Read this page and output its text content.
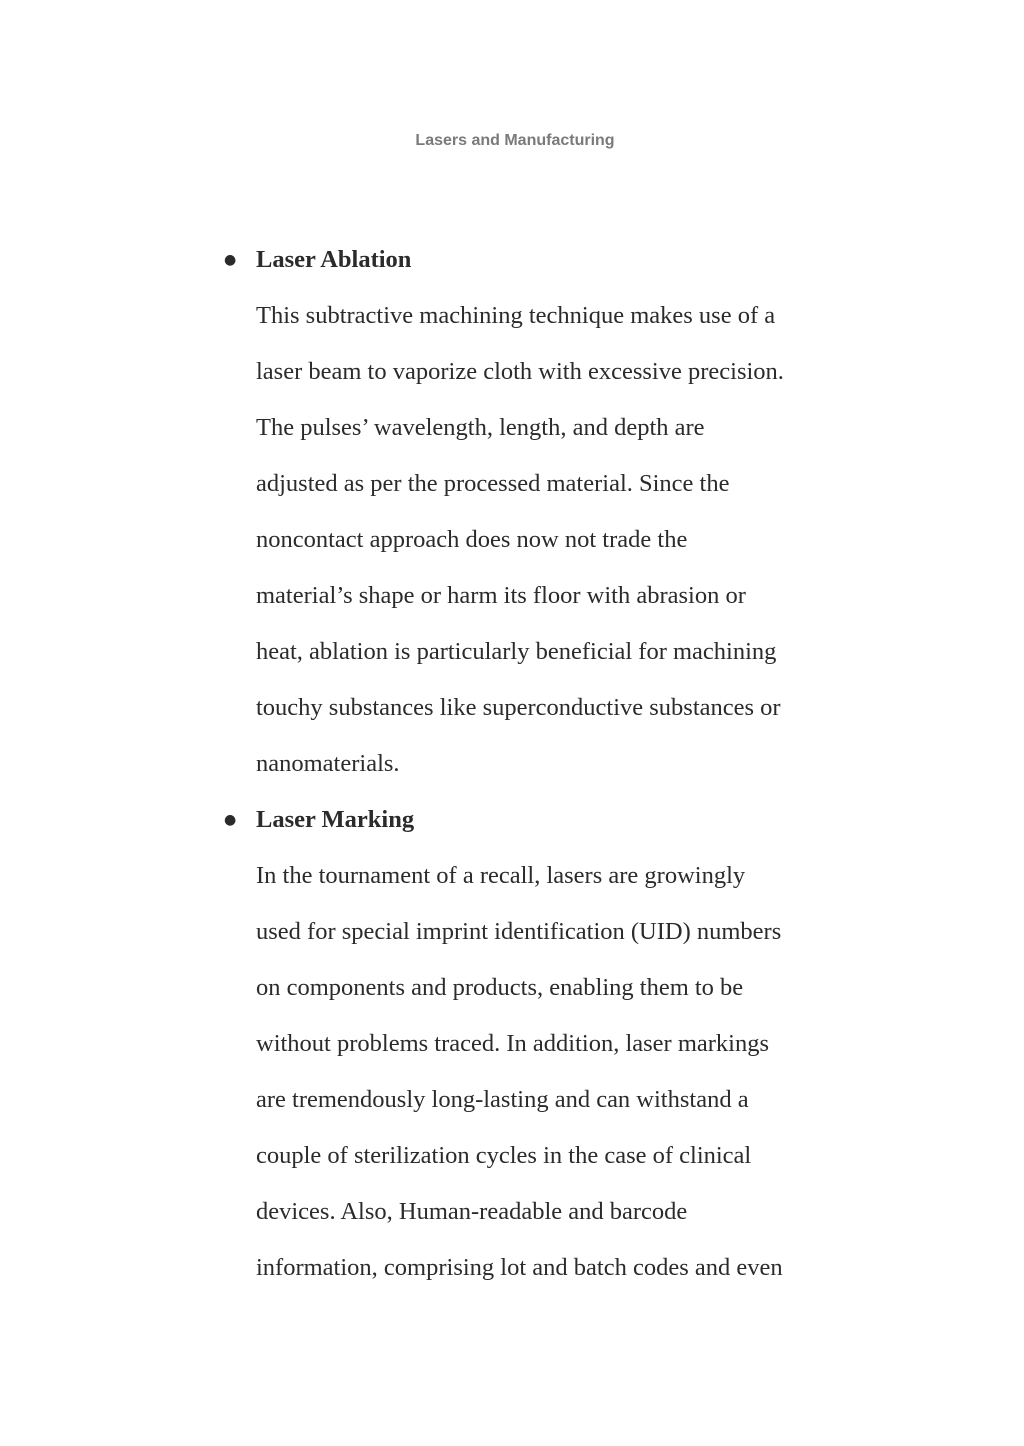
Lasers and Manufacturing
● Laser Ablation
This subtractive machining technique makes use of a
laser beam to vaporize cloth with excessive precision.
The pulses’ wavelength, length, and depth are
adjusted as per the processed material. Since the
noncontact approach does now not trade the
material’s shape or harm its floor with abrasion or
heat, ablation is particularly beneficial for machining
touchy substances like superconductive substances or
nanomaterials.
● Laser Marking
In the tournament of a recall, lasers are growingly
used for special imprint identification (UID) numbers
on components and products, enabling them to be
without problems traced. In addition, laser markings
are tremendously long-lasting and can withstand a
couple of sterilization cycles in the case of clinical
devices. Also, Human-readable and barcode
information, comprising lot and batch codes and even
